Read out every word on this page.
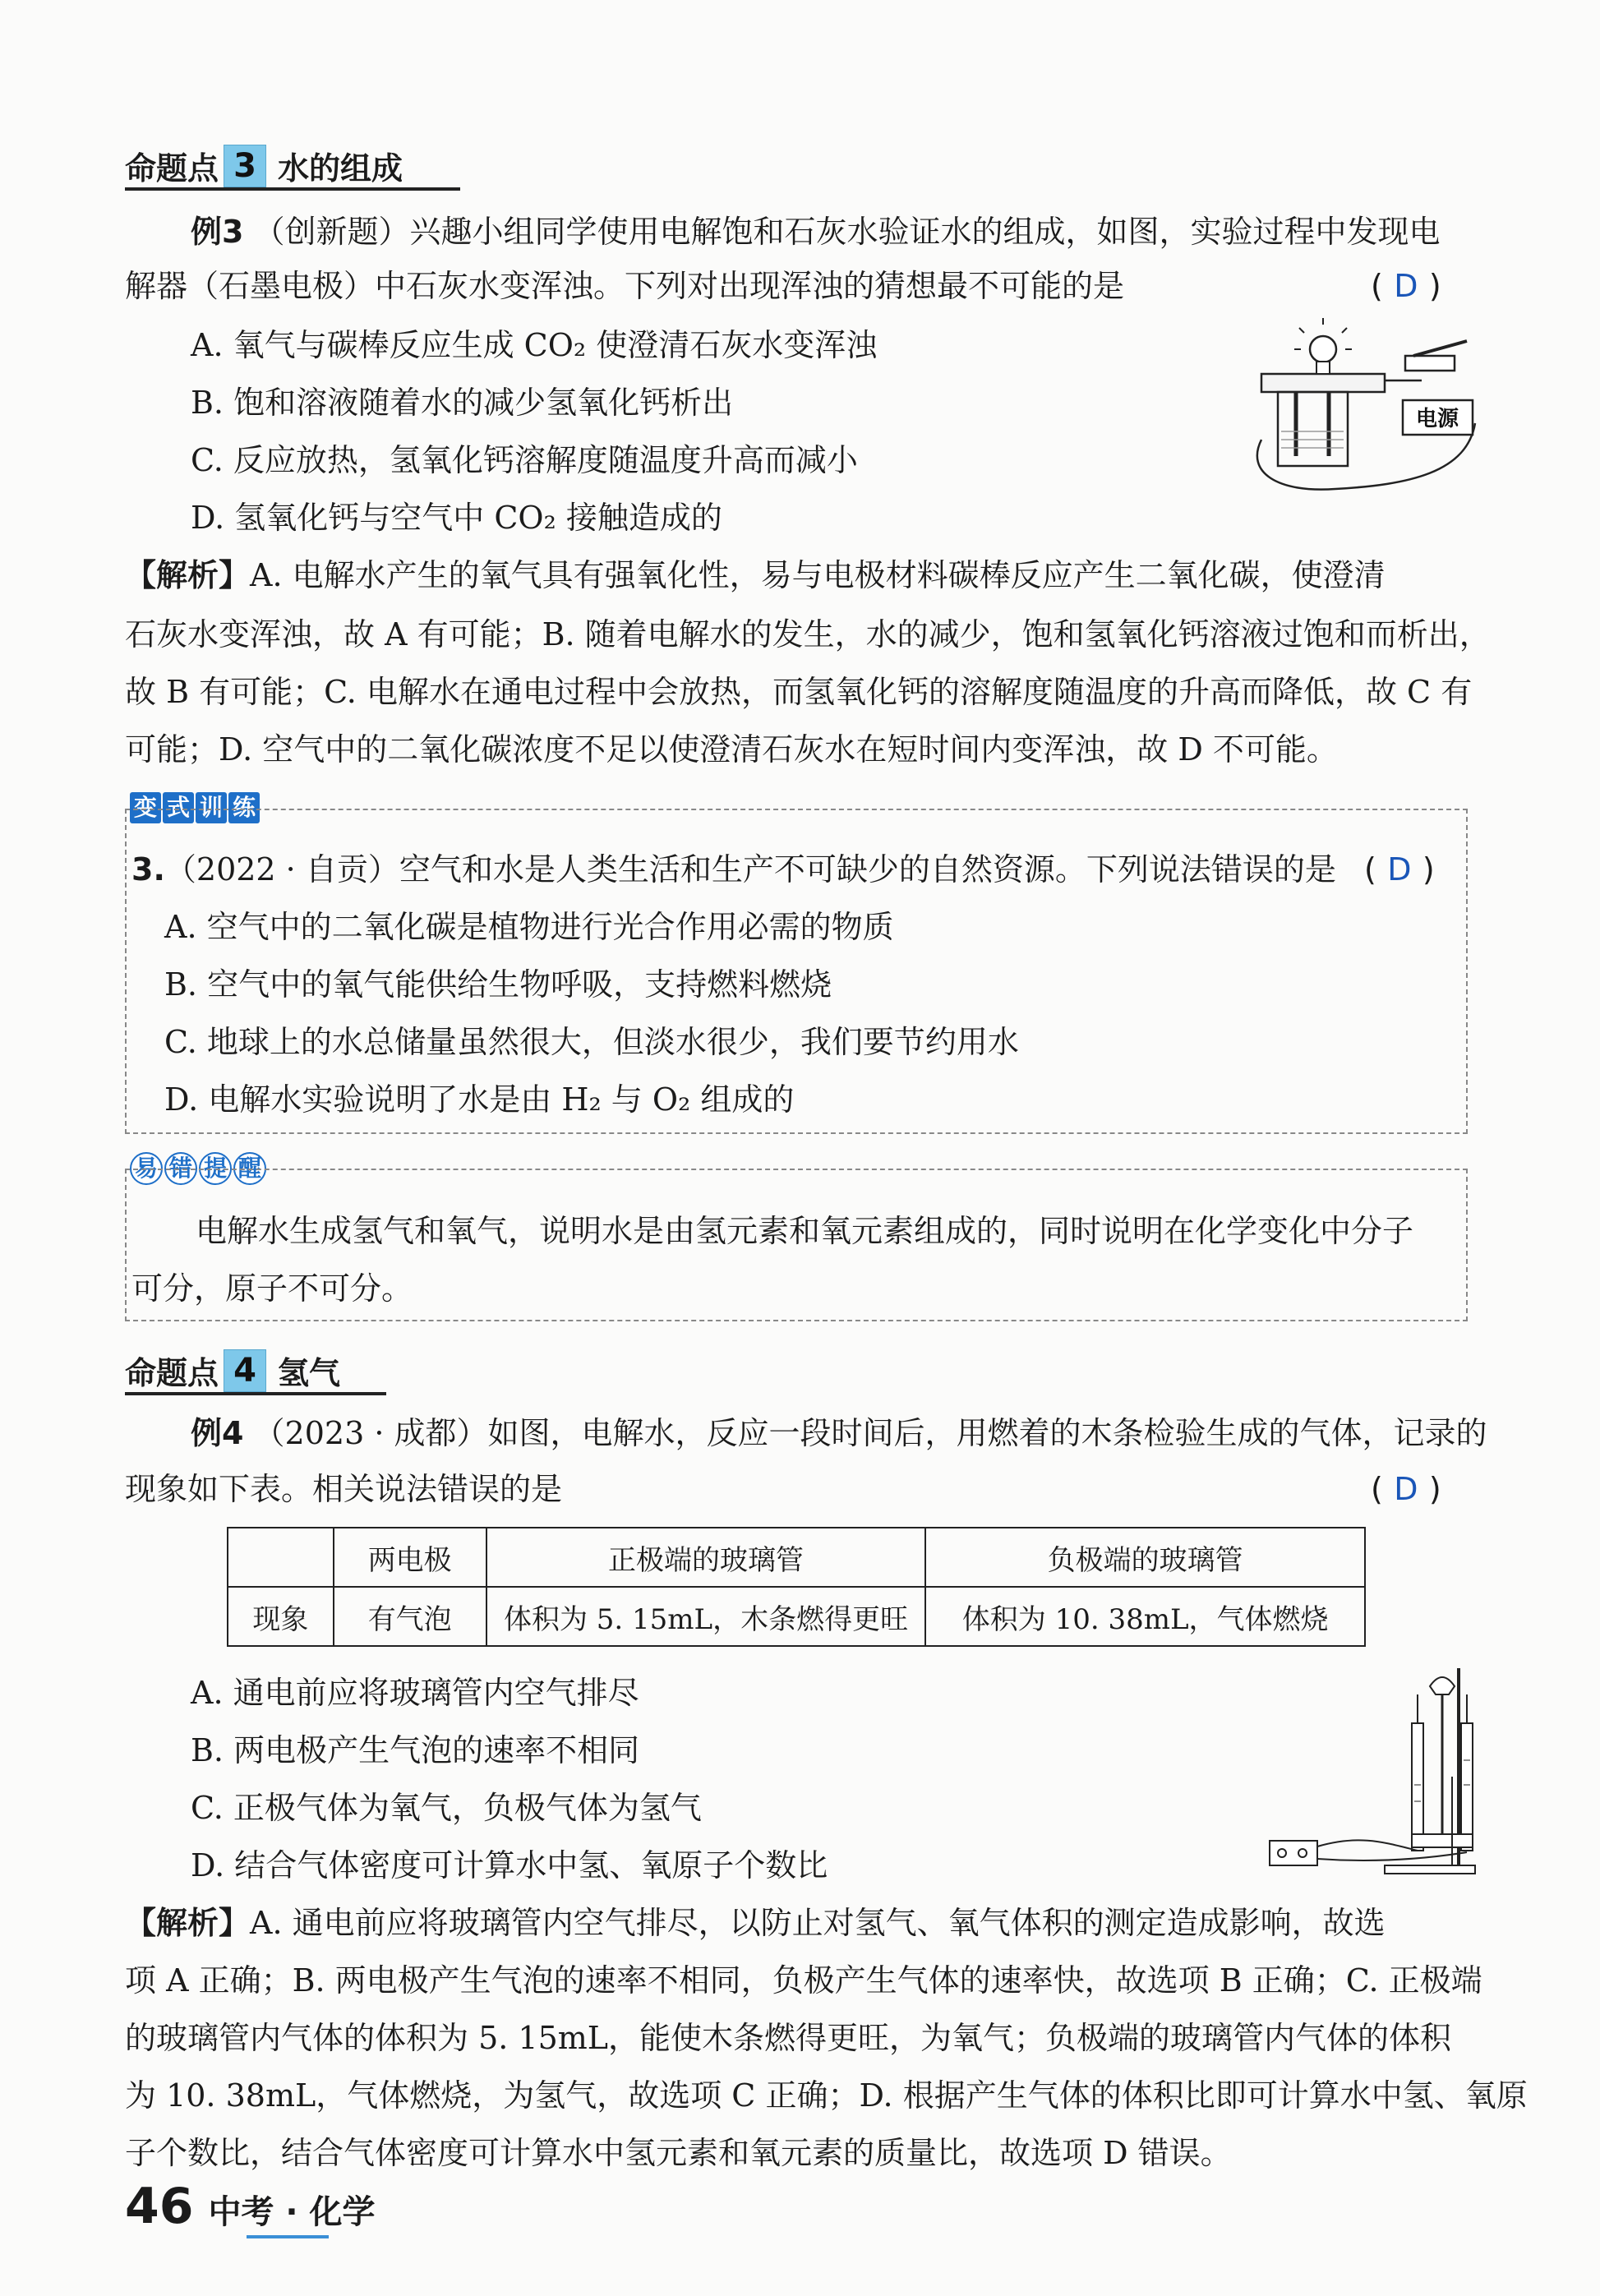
命题点 3 水的组成
例3 （创新题）兴趣小组同学使用电解饱和石灰水验证水的组成，如图，实验过程中发现电
解器（石墨电极）中石灰水变浑浊。下列对出现浑浊的猜想最不可能的是	( D )
A. 氧气与碳棒反应生成 CO₂ 使澄清石灰水变浑浊
B. 饱和溶液随着水的减少氢氧化钙析出
C. 反应放热，氢氧化钙溶解度随温度升高而减小
D. 氢氧化钙与空气中 CO₂ 接触造成的
电源
【解析】A. 电解水产生的氧气具有强氧化性，易与电极材料碳棒反应产生二氧化碳，使澄清
石灰水变浑浊，故 A 有可能；B. 随着电解水的发生，水的减少，饱和氢氧化钙溶液过饱和而析出，
故 B 有可能；C. 电解水在通电过程中会放热，而氢氧化钙的溶解度随温度的升高而降低，故 C 有
可能；D. 空气中的二氧化碳浓度不足以使澄清石灰水在短时间内变浑浊，故 D 不可能。
变 式 训 练
3.（2022 · 自贡）空气和水是人类生活和生产不可缺少的自然资源。下列说法错误的是 ( D )
A. 空气中的二氧化碳是植物进行光合作用必需的物质
B. 空气中的氧气能供给生物呼吸，支持燃料燃烧
C. 地球上的水总储量虽然很大，但淡水很少，我们要节约用水
D. 电解水实验说明了水是由 H₂ 与 O₂ 组成的
易 错 提 醒
电解水生成氢气和氧气，说明水是由氢元素和氧元素组成的，同时说明在化学变化中分子
可分，原子不可分。
命题点 4 氢气
例4 （2023 · 成都）如图，电解水，反应一段时间后，用燃着的木条检验生成的气体，记录的
现象如下表。相关说法错误的是	( D )
	两电极	正极端的玻璃管	负极端的玻璃管
现象	有气泡	体积为 5. 15mL，木条燃得更旺	体积为 10. 38mL，气体燃烧
A. 通电前应将玻璃管内空气排尽
B. 两电极产生气泡的速率不相同
C. 正极气体为氧气，负极气体为氢气
D. 结合气体密度可计算水中氢、氧原子个数比
【解析】A. 通电前应将玻璃管内空气排尽，以防止对氢气、氧气体积的测定造成影响，故选
项 A 正确；B. 两电极产生气泡的速率不相同，负极产生气体的速率快，故选项 B 正确；C. 正极端
的玻璃管内气体的体积为 5. 15mL，能使木条燃得更旺，为氧气；负极端的玻璃管内气体的体积
为 10. 38mL，气体燃烧，为氢气，故选项 C 正确；D. 根据产生气体的体积比即可计算水中氢、氧原
子个数比，结合气体密度可计算水中氢元素和氧元素的质量比，故选项 D 错误。
46 中考 · 化学
